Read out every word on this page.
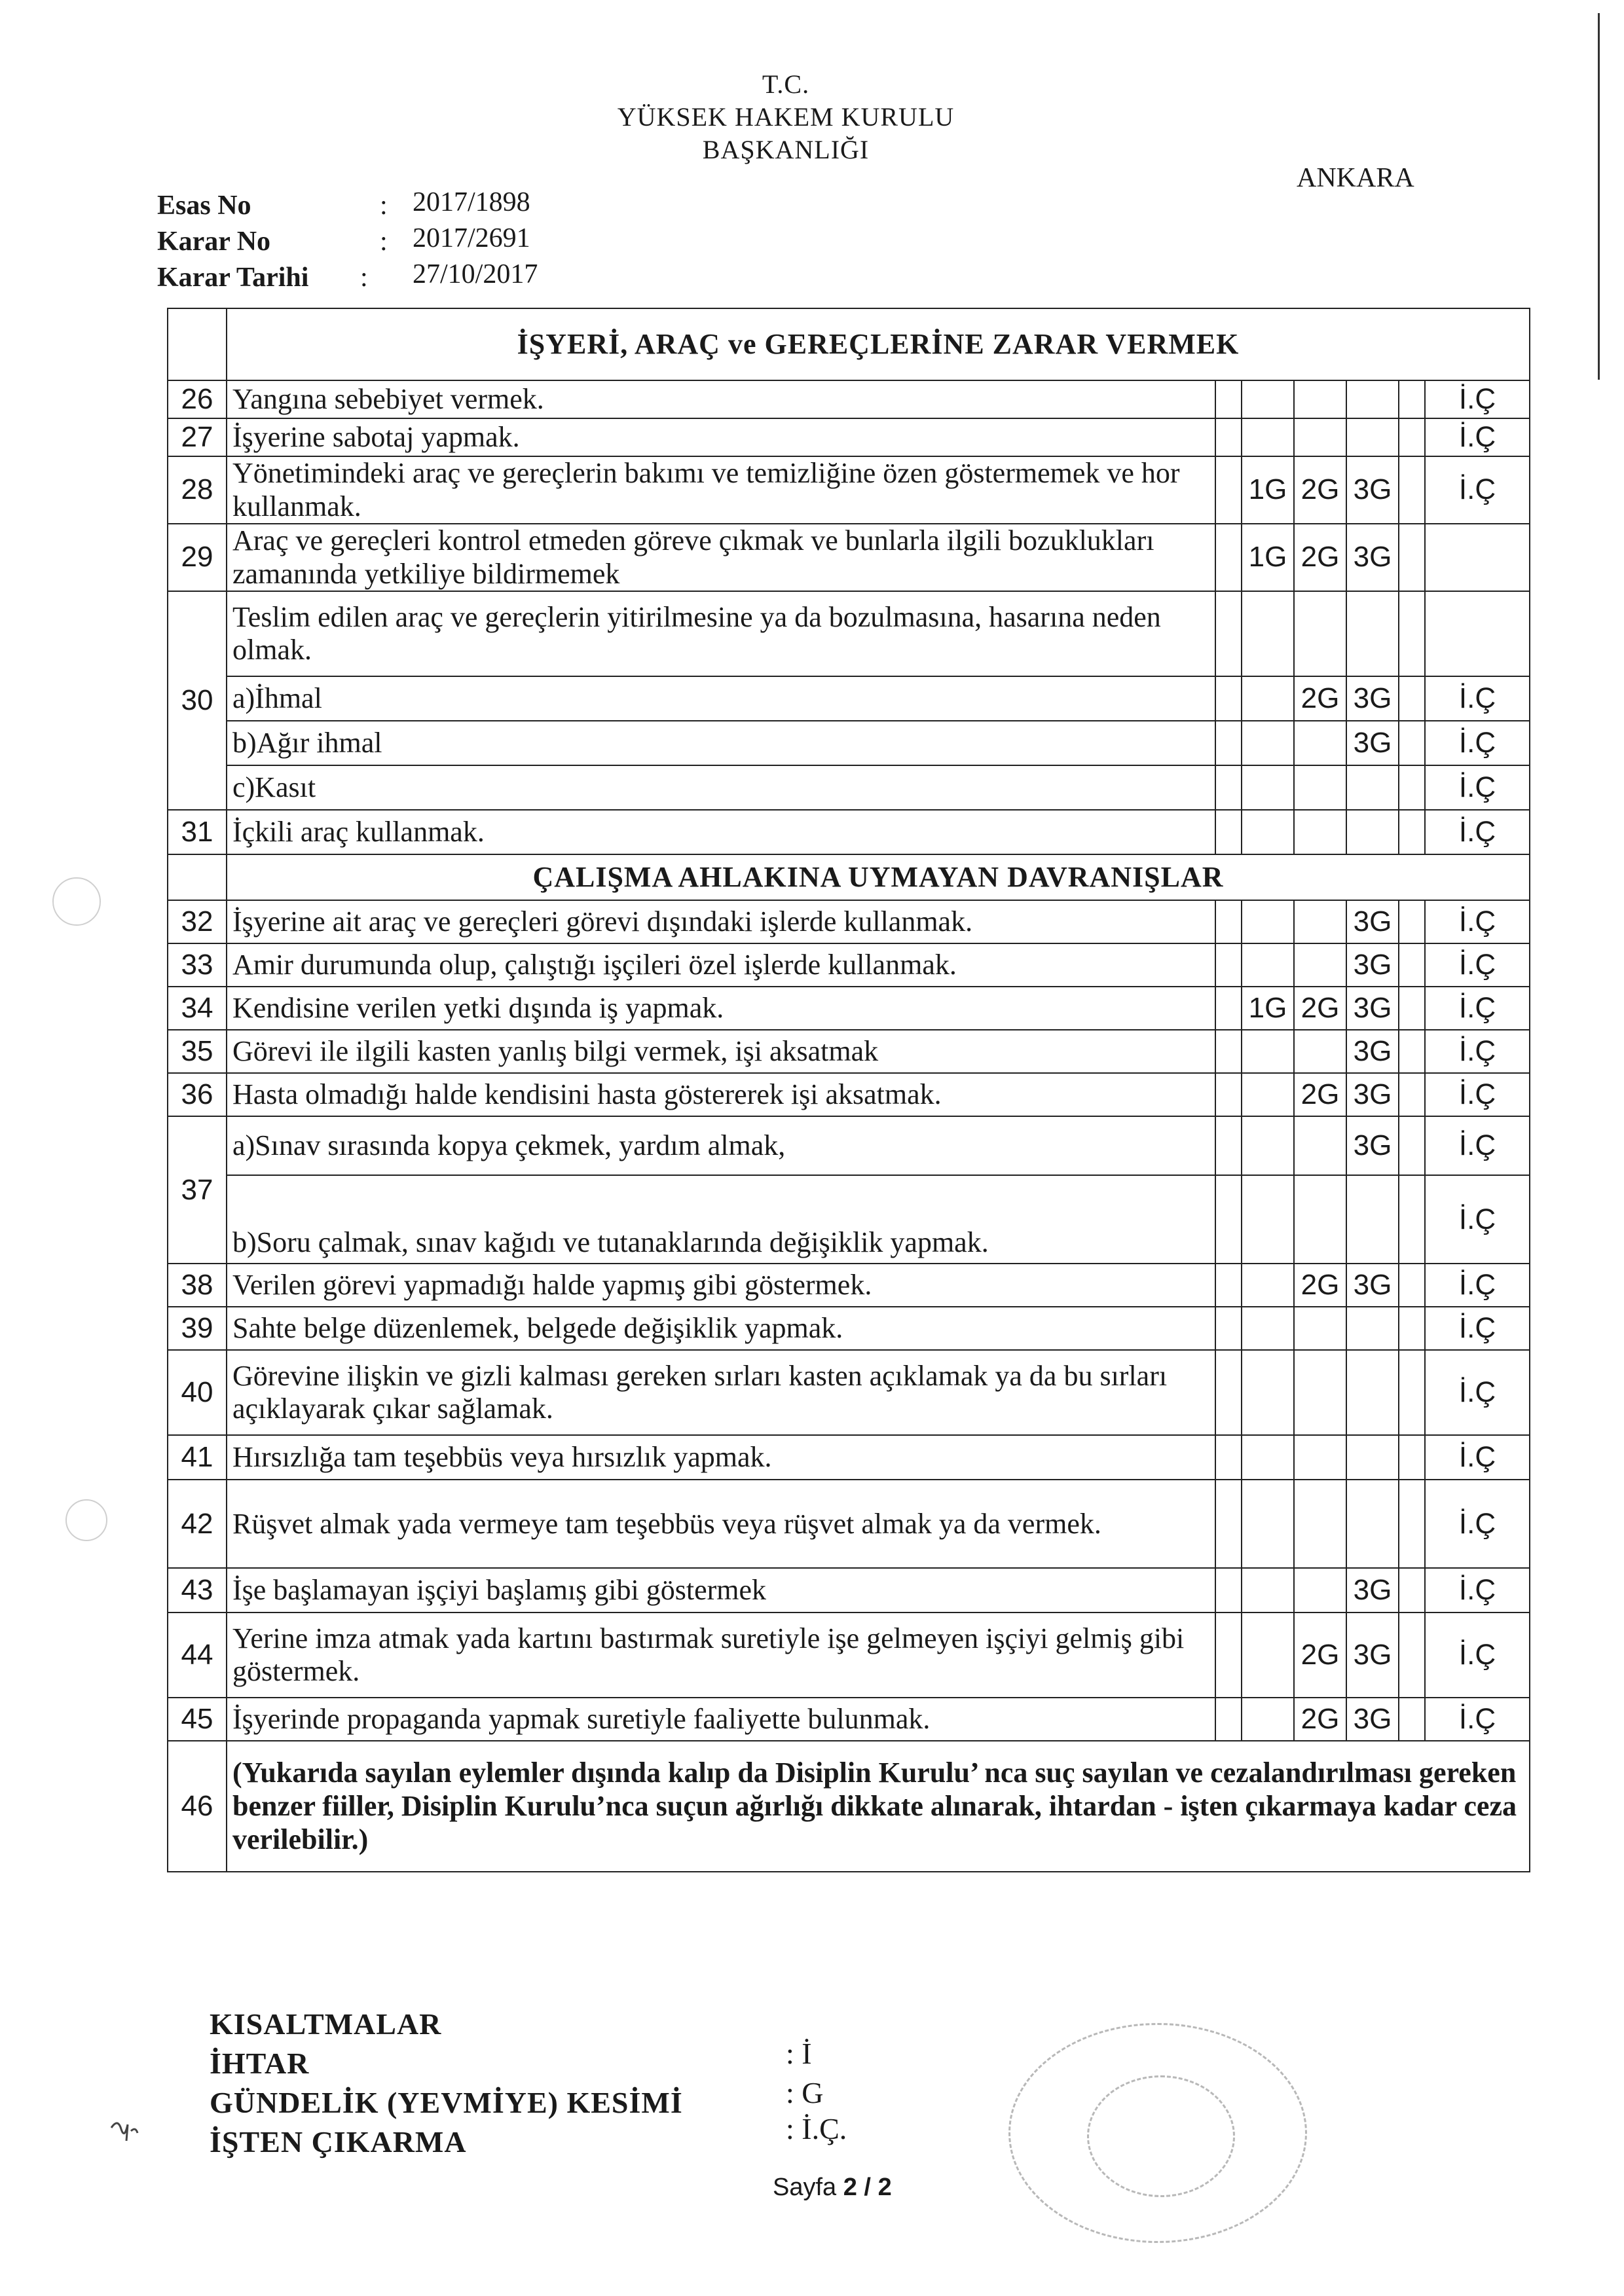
T.C.
YÜKSEK HAKEM KURULU
BAŞKANLIĞI
ANKARA
Esas No	: 2017/1898
Karar No	: 2017/2691
Karar Tarihi : 27/10/2017
	İŞYERİ, ARAÇ ve GEREÇLERİNE ZARAR VERMEK						
26	Yangına sebebiyet vermek.						İ.Ç
27	İşyerine sabotaj yapmak.						İ.Ç
28	Yönetimindeki araç ve gereçlerin bakımı ve temizliğine özen göstermemek ve hor kullanmak.		1G	2G	3G		İ.Ç
29	Araç ve gereçleri kontrol etmeden göreve çıkmak ve bunlarla ilgili bozuklukları zamanında yetkiliye bildirmemek		1G	2G	3G		
30	Teslim edilen araç ve gereçlerin yitirilmesine ya da bozulmasına, hasarına neden olmak.						
	a)İhmal			2G	3G		İ.Ç
	b)Ağır ihmal				3G		İ.Ç
	c)Kasıt						İ.Ç
31	İçkili araç kullanmak.						İ.Ç
	ÇALIŞMA AHLAKINA UYMAYAN DAVRANIŞLAR						
32	İşyerine ait araç ve gereçleri görevi dışındaki işlerde kullanmak.				3G		İ.Ç
33	Amir durumunda olup, çalıştığı işçileri özel işlerde kullanmak.				3G		İ.Ç
34	Kendisine verilen yetki dışında iş yapmak.		1G	2G	3G		İ.Ç
35	Görevi ile ilgili kasten yanlış bilgi vermek, işi aksatmak				3G		İ.Ç
36	Hasta olmadığı halde kendisini hasta göstererek işi aksatmak.			2G	3G		İ.Ç
37	a)Sınav sırasında kopya çekmek, yardım almak,				3G		İ.Ç
	b)Soru çalmak, sınav kağıdı ve tutanaklarında değişiklik yapmak.						İ.Ç
38	Verilen görevi yapmadığı halde yapmış gibi göstermek.			2G	3G		İ.Ç
39	Sahte belge düzenlemek, belgede değişiklik yapmak.						İ.Ç
40	Görevine ilişkin ve gizli kalması gereken sırları kasten açıklamak ya da bu sırları açıklayarak çıkar sağlamak.						İ.Ç
41	Hırsızlığa tam teşebbüs veya hırsızlık yapmak.						İ.Ç
42	Rüşvet almak yada vermeye tam teşebbüs veya rüşvet almak ya da vermek.						İ.Ç
43	İşe başlamayan işçiyi başlamış gibi göstermek				3G		İ.Ç
44	Yerine imza atmak yada kartını bastırmak suretiyle işe gelmeyen işçiyi gelmiş gibi göstermek.			2G	3G		İ.Ç
45	İşyerinde propaganda yapmak suretiyle faaliyette bulunmak.			2G	3G		İ.Ç
46	(Yukarıda sayılan eylemler dışında kalıp da Disiplin Kurulu’ nca suç sayılan ve cezalandırılması gereken benzer fiiller, Disiplin Kurulu’nca suçun ağırlığı dikkate alınarak, ihtardan - işten çıkarmaya kadar ceza verilebilir.)						
KISALTMALAR
İHTAR	: İ
GÜNDELİK (YEVMİYE) KESİMİ	: G
İŞTEN ÇIKARMA	: İ.Ç.
Sayfa 2 / 2
